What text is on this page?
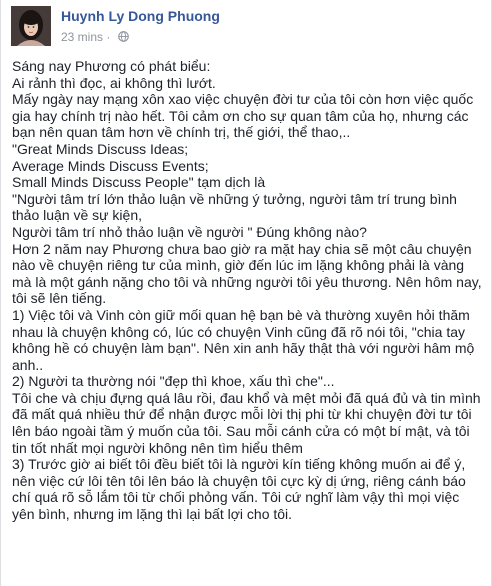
Huynh Ly Dong Phuong
23 mins ·

Sáng nay Phương có phát biểu:

Ai rảnh thì đọc, ai không thì lướt.

Mấy ngày nay mạng xôn xao việc chuyện đời tư của tôi còn hơn việc quốc gia hay chính trị nào hết. Tôi cảm ơn cho sự quan tâm của họ, nhưng các bạn nên quan tâm hơn về chính trị, thế giới, thể thao,..

"Great Minds Discuss Ideas;

Average Minds Discuss Events;

Small Minds Discuss People" tạm dịch là

"Người tâm trí lớn thảo luận về những ý tưởng, người tâm trí trung bình thảo luận về sự kiện,

Người tâm trí nhỏ thảo luận về người " Đúng không nào?

Hơn 2 năm nay Phương chưa bao giờ ra mặt hay chia sẽ một câu chuyện nào về chuyện riêng tư của mình, giờ đến lúc im lặng không phải là vàng mà là một gánh nặng cho tôi và những người tôi yêu thương. Nên hôm nay, tôi sẽ lên tiếng.

1) Việc tôi và Vinh còn giữ mối quan hệ bạn bè và thường xuyên hỏi thăm nhau là chuyện không có, lúc có chuyện Vinh cũng đã rõ nói tôi, "chia tay không hề có chuyện làm bạn". Nên xin anh hãy thật thà với người hâm mộ anh..

2) Người ta thường nói "đẹp thì khoe, xấu thì che"...

Tôi che và chịu đựng quá lâu rồi, đau khổ và mệt mỏi đã quá đủ và tin mình đã mất quá nhiều thứ để nhận được mỗi lời thị phi từ khi chuyện đời tư tôi lên báo ngoài tầm ý muốn của tôi. Sau mỗi cánh cửa có một bí mật, và tôi tin tốt nhất mọi người không nên tìm hiểu thêm

3) Trước giờ ai biết tôi đều biết tôi là người kín tiếng không muốn ai để ý, nên việc cứ lôi tên tôi lên báo là chuyện tôi cực kỳ dị ứng, riêng cánh báo chí quá rõ sỗ lắm tôi từ chối phỏng vấn. Tôi cứ nghĩ làm vậy thì mọi việc yên bình, nhưng im lặng thì lại bất lợi cho tôi.
